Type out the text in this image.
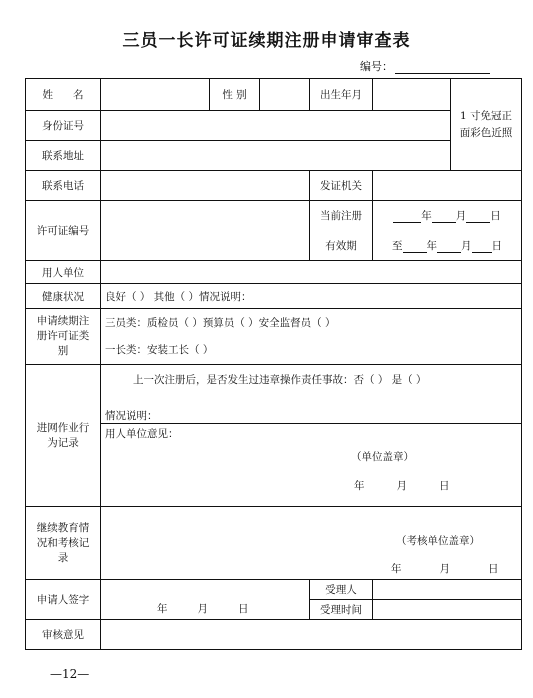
三员一长许可证续期注册申请审查表
编号：
姓      名		性 别		出生年月		1 寸免冠正面彩色近照
身份证号						
联系地址						
联系电话				发证机关		
许可证编号				当前注册	年 月 日	
				有效期	至 年 月 日	
用人单位						
健康状况	良好（ ） 其他（ ）情况说明：					
申请续期注册许可证类别	三员类：质检员（ ）预算员（ ）安全监督员（ ）
一长类：安装工长（ ）					

进网作业行为记录	上一次注册后，是否发生过违章操作责任事故：否（ ） 是（ ）
情况说明：					

	用人单位意见：
（单位盖章）
年 月 日					

继续教育情况和考核记录	（考核单位盖章）
年 月 日					

申请人签字	年 月 日			受理人		
				受理时间		
审核意见						
—12—
